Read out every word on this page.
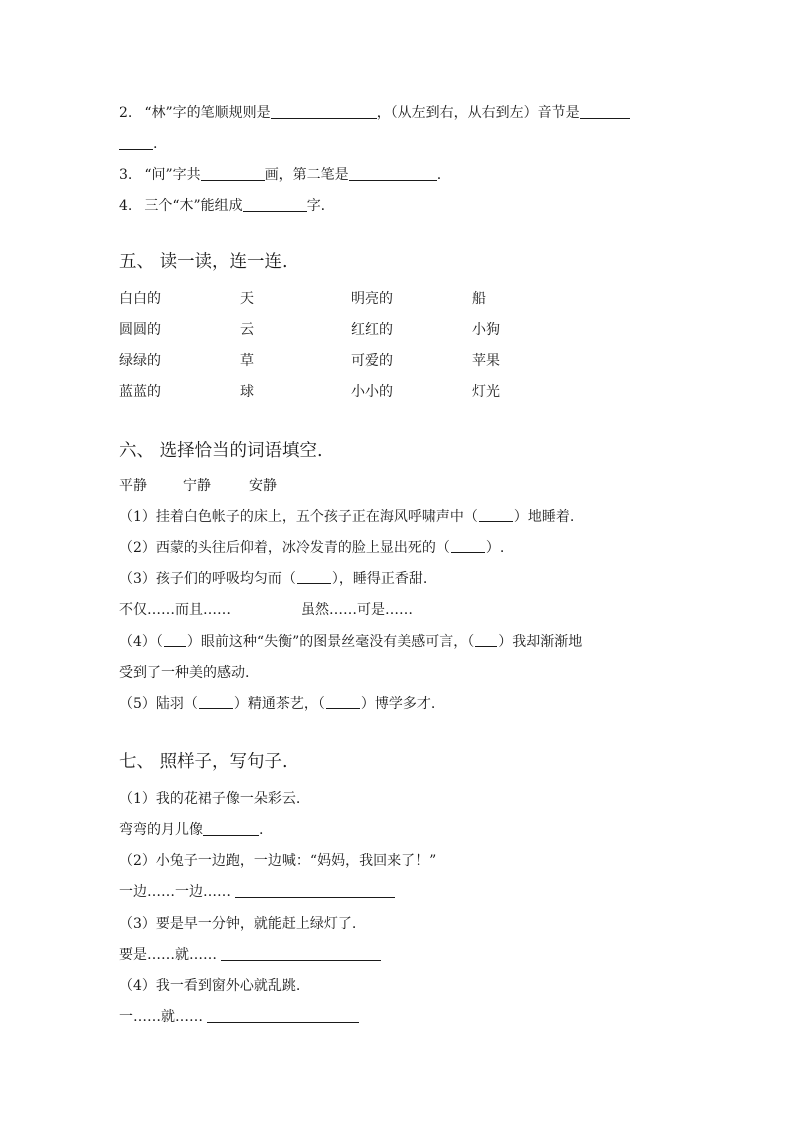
2. “林”字的笔顺规则是	，（从左到右，从右到左）音节是
.
3. “问”字共	画，第二笔是	.
4. 三个“木”能组成	字.
五、 读一读，连一连.
白白的	天	明亮的	船
圆圆的	云	红红的	小狗
绿绿的	草	可爱的	苹果
蓝蓝的	球	小小的	灯光
六、 选择恰当的词语填空.
平静	宁静	安静
（1）挂着白色帐子的床上，五个孩子正在海风呼啸声中（	）地睡着.
（2）西蒙的头往后仰着，冰冷发青的脸上显出死的（	）.
（3）孩子们的呼吸均匀而（	），睡得正香甜.
不仅……而且……	虽然……可是……
（4）（ ）眼前这种“失衡”的图景丝毫没有美感可言，（ ）我却渐渐地
受到了一种美的感动.
（5）陆羽（	）精通茶艺，（	）博学多才.
七、 照样子，写句子.
（1）我的花裙子像一朵彩云.
弯弯的月儿像	.
（2）小兔子一边跑，一边喊：“妈妈，我回来了！”
一边……一边……
（3）要是早一分钟，就能赶上绿灯了.
要是……就……
（4）我一看到窗外心就乱跳.
一……就……
